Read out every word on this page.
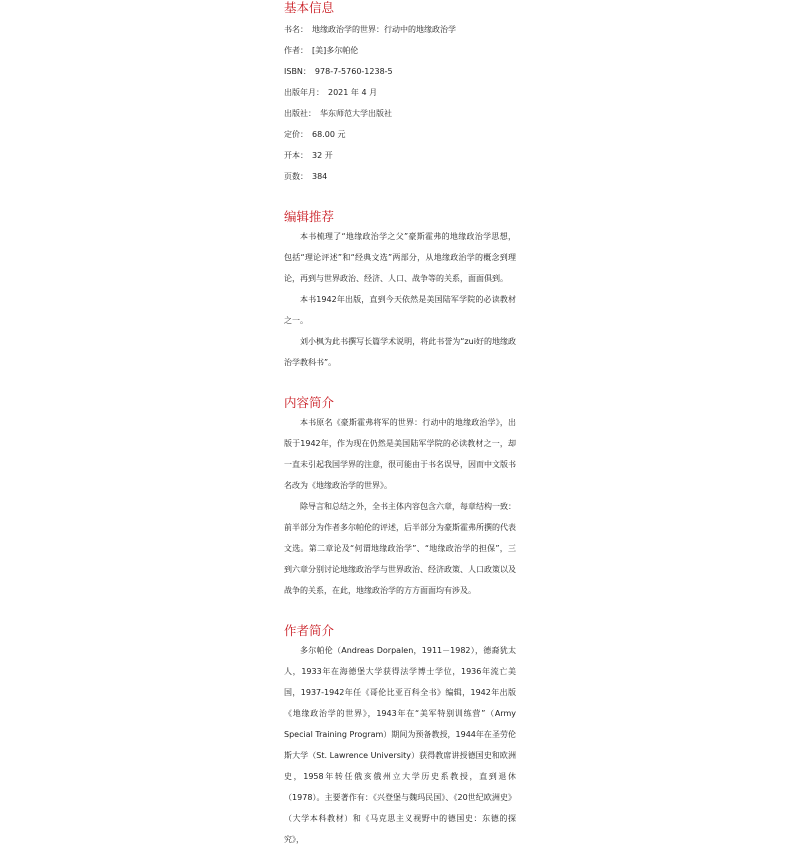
基本信息
书名： 地缘政治学的世界：行动中的地缘政治学
作者： [美]多尔帕伦
ISBN： 978-7-5760-1238-5
出版年月： 2021 年 4 月
出版社： 华东师范大学出版社
定价： 68.00 元
开本： 32 开
页数： 384
编辑推荐

本书梳理了“地缘政治学之父”豪斯霍弗的地缘政治学思想，包括“理论评述”和“经典文选”两部分，从地缘政治学的概念到理论，再到与世界政治、经济、人口、战争等的关系，面面俱到。

本书1942年出版，直到今天依然是美国陆军学院的必读教材之一。

刘小枫为此书撰写长篇学术说明，将此书誉为“zui好的地缘政治学教科书”。

内容简介

本书原名《豪斯霍弗将军的世界：行动中的地缘政治学》，出版于1942年，作为现在仍然是美国陆军学院的必读教材之一，却一直未引起我国学界的注意，很可能由于书名误导，因而中文版书名改为《地缘政治学的世界》。

除导言和总结之外，全书主体内容包含六章，每章结构一致：前半部分为作者多尔帕伦的评述，后半部分为豪斯霍弗所撰的代表文选。第二章论及“何谓地缘政治学”、“地缘政治学的担保”，三到六章分别讨论地缘政治学与世界政治、经济政策、人口政策以及战争的关系，在此，地缘政治学的方方面面均有涉及。

作者简介

多尔帕伦（Andreas Dorpalen，1911－1982），德裔犹太人，1933年在海德堡大学获得法学博士学位，1936年流亡美国，1937-1942年任《哥伦比亚百科全书》编辑，1942年出版《地缘政治学的世界》，1943年在“美军特别训练营”（Army Special Training Program）期间为预备教授，1944年在圣劳伦斯大学（St. Lawrence University）获得教席讲授德国史和欧洲史，1958年转任俄亥俄州立大学历史系教授，直到退休（1978）。主要著作有：《兴登堡与魏玛民国》、《20世纪欧洲史》（大学本科教材）和《马克思主义视野中的德国史：东德的探究》，
